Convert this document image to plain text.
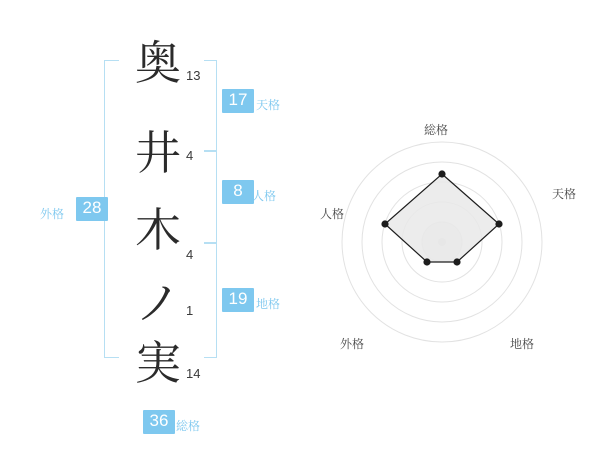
外格	28
奥 13
井 4
木 4
ノ 1
実 14
17 天格
8 人格
19 地格
36 総格
総格
天格
地格
外格
人格
